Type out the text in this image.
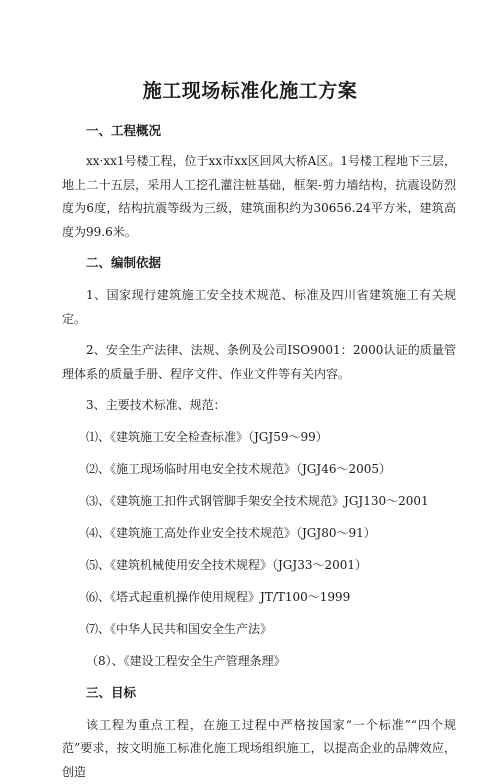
施工现场标准化施工方案
一、工程概况

xx·xx1号楼工程，位于xx市xx区回风大桥A区。1号楼工程地下三层，地上二十五层，采用人工挖孔灌注桩基础，框架-剪力墙结构，抗震设防烈度为6度，结构抗震等级为三级，建筑面积约为30656.24平方米，建筑高度为99.6米。

二、编制依据

1、国家现行建筑施工安全技术规范、标准及四川省建筑施工有关规定。

2、安全生产法律、法规、条例及公司ISO9001：2000认证的质量管理体系的质量手册、程序文件、作业文件等有关内容。

3、主要技术标准、规范：

⑴、《建筑施工安全检查标准》（JGJ59～99）
⑵、《施工现场临时用电安全技术规范》（JGJ46～2005）
⑶、《建筑施工扣件式钢管脚手架安全技术规范》JGJ130～2001
⑷、《建筑施工高处作业安全技术规范》（JGJ80～91）
⑸、《建筑机械使用安全技术规程》（JGJ33～2001）
⑹、《塔式起重机操作使用规程》JT/T100～1999
⑺、《中华人民共和国安全生产法》
（8）、《建设工程安全生产管理条理》
三、目标

该工程为重点工程，在施工过程中严格按国家“一个标准”“四个规范”要求，按文明施工标准化施工现场组织施工，以提高企业的品牌效应，创造
